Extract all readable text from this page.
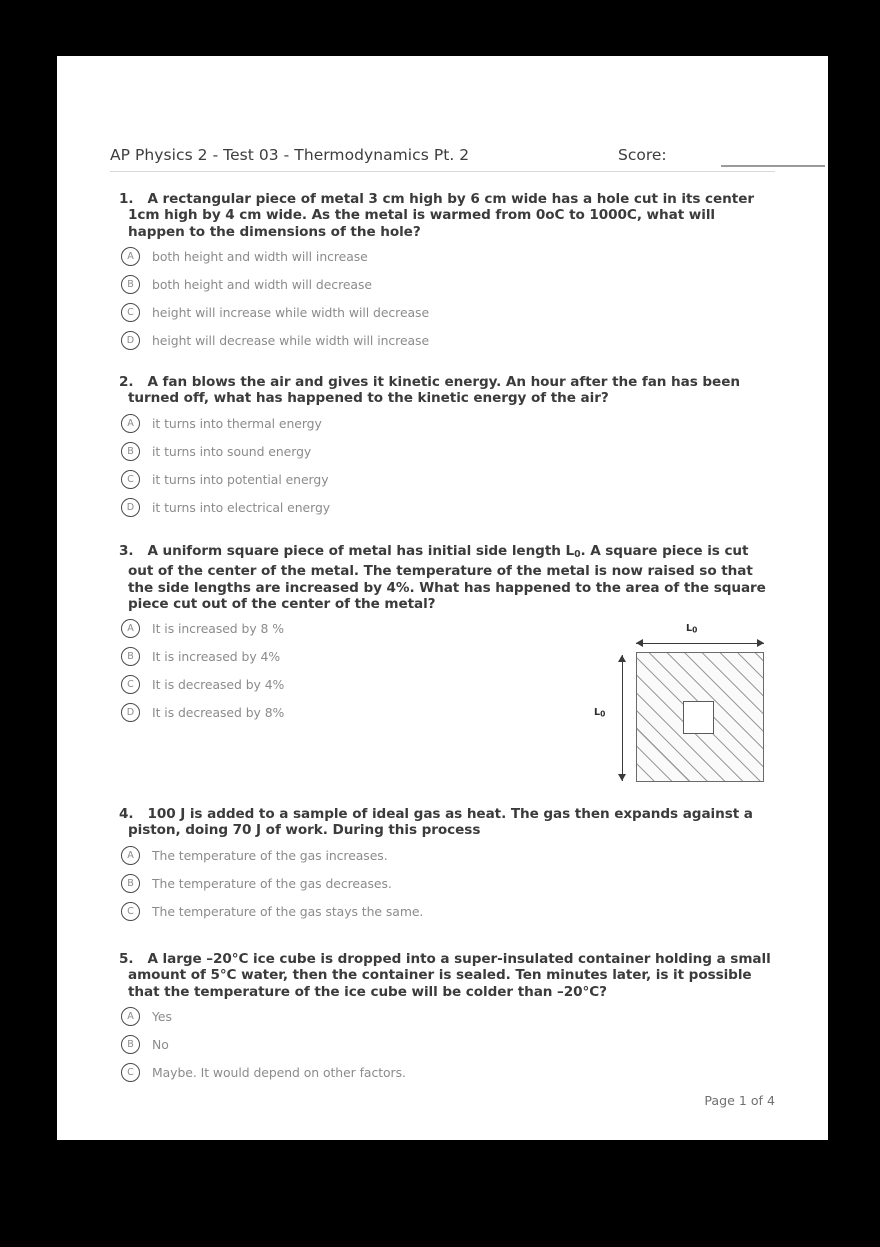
AP Physics 2 - Test 03 - Thermodynamics Pt. 2	Score:

1. A rectangular piece of metal 3 cm high by 6 cm wide has a hole cut in its center 1cm high by 4 cm wide. As the metal is warmed from 0oC to 1000C, what will happen to the dimensions of the hole?

A	both height and width will increase
B	both height and width will decrease
C	height will increase while width will decrease
D	height will decrease while width will increase

2. A fan blows the air and gives it kinetic energy. An hour after the fan has been turned off, what has happened to the kinetic energy of the air?

A	it turns into thermal energy
B	it turns into sound energy
C	it turns into potential energy
D	it turns into electrical energy

3. A uniform square piece of metal has initial side length $L_0$. A square piece is cut out of the center of the metal. The temperature of the metal is now raised so that the side lengths are increased by 4%. What has happened to the area of the square piece cut out of the center of the metal?

A	It is increased by 8 %
B	It is increased by 4%
C	It is decreased by 4%
D	It is decreased by 8%
$L_0$
$L_0$

4. 100 J is added to a sample of ideal gas as heat. The gas then expands against a piston, doing 70 J of work. During this process

A	The temperature of the gas increases.
B	The temperature of the gas decreases.
C	The temperature of the gas stays the same.

5. A large –20°C ice cube is dropped into a super-insulated container holding a small amount of 5°C water, then the container is sealed. Ten minutes later, is it possible that the temperature of the ice cube will be colder than –20°C?

A	Yes
B	No
C	Maybe. It would depend on other factors.
Page 1 of 4
